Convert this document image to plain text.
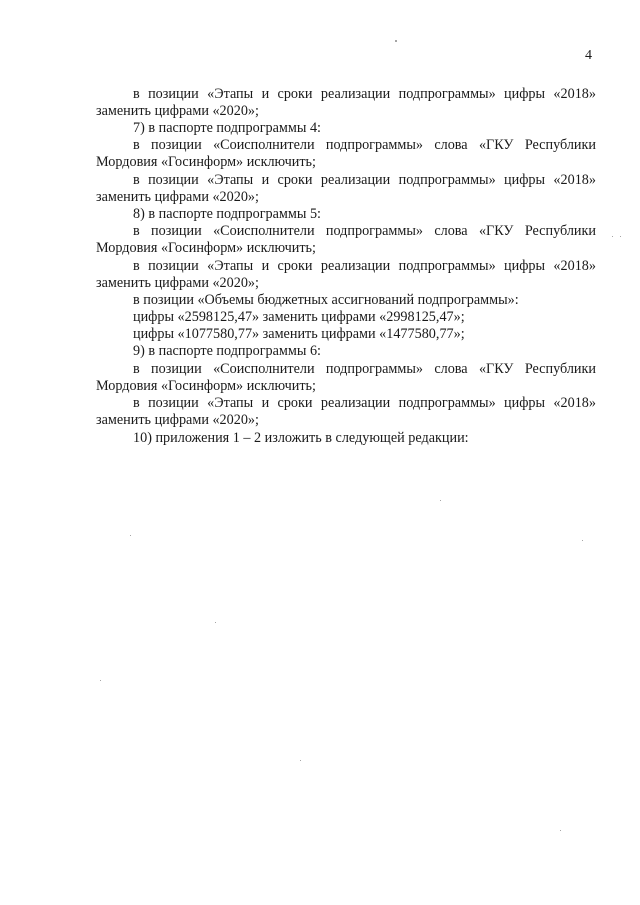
4
в позиции «Этапы и сроки реализации подпрограммы» цифры «2018»
заменить цифрами «2020»;
7) в паспорте подпрограммы 4:
в позиции «Соисполнители подпрограммы» слова «ГКУ Республики
Мордовия «Госинформ» исключить;
в позиции «Этапы и сроки реализации подпрограммы» цифры «2018»
заменить цифрами «2020»;
8) в паспорте подпрограммы 5:
в позиции «Соисполнители подпрограммы» слова «ГКУ Республики
Мордовия «Госинформ» исключить;
в позиции «Этапы и сроки реализации подпрограммы» цифры «2018»
заменить цифрами «2020»;
в позиции «Объемы бюджетных ассигнований подпрограммы»:
цифры «2598125,47» заменить цифрами «2998125,47»;
цифры «1077580,77» заменить цифрами «1477580,77»;
9) в паспорте подпрограммы 6:
в позиции «Соисполнители подпрограммы» слова «ГКУ Республики
Мордовия «Госинформ» исключить;
в позиции «Этапы и сроки реализации подпрограммы» цифры «2018»
заменить цифрами «2020»;
10) приложения 1 – 2 изложить в следующей редакции:
